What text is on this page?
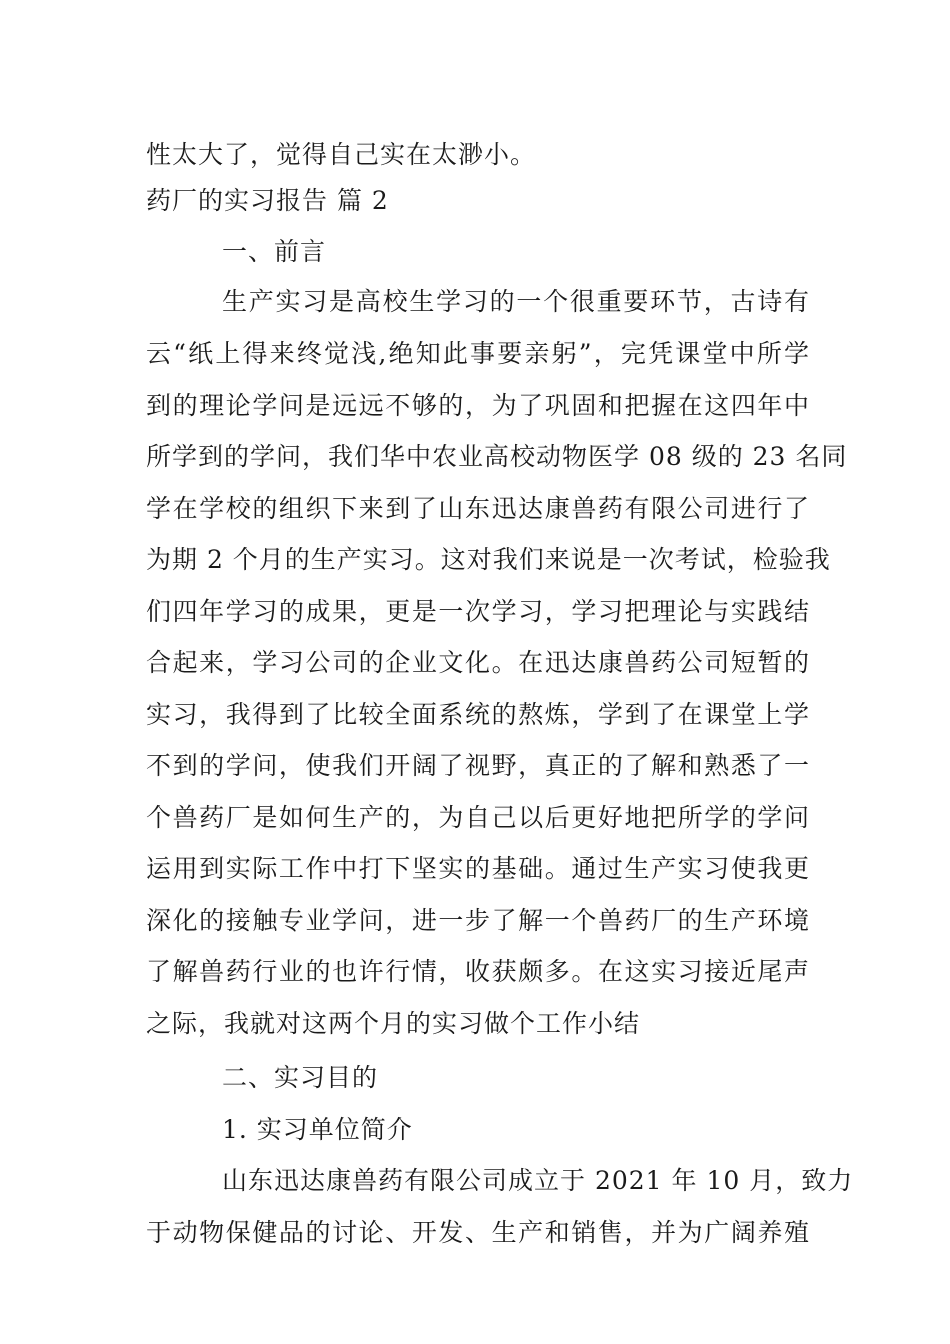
性太大了，觉得自己实在太渺小。
药厂的实习报告 篇 2
一、前言
生产实习是高校生学习的一个很重要环节，古诗有
云“纸上得来终觉浅,绝知此事要亲躬”，完凭课堂中所学
到的理论学问是远远不够的，为了巩固和把握在这四年中
所学到的学问，我们华中农业高校动物医学 08 级的 23 名同
学在学校的组织下来到了山东迅达康兽药有限公司进行了
为期 2 个月的生产实习。这对我们来说是一次考试，检验我
们四年学习的成果，更是一次学习，学习把理论与实践结
合起来，学习公司的企业文化。在迅达康兽药公司短暂的
实习，我得到了比较全面系统的熬炼，学到了在课堂上学
不到的学问，使我们开阔了视野，真正的了解和熟悉了一
个兽药厂是如何生产的，为自己以后更好地把所学的学问
运用到实际工作中打下坚实的基础。通过生产实习使我更
深化的接触专业学问，进一步了解一个兽药厂的生产环境
了解兽药行业的也许行情，收获颇多。在这实习接近尾声
之际，我就对这两个月的实习做个工作小结
二、实习目的
1. 实习单位简介
山东迅达康兽药有限公司成立于 2021 年 10 月，致力
于动物保健品的讨论、开发、生产和销售，并为广阔养殖
